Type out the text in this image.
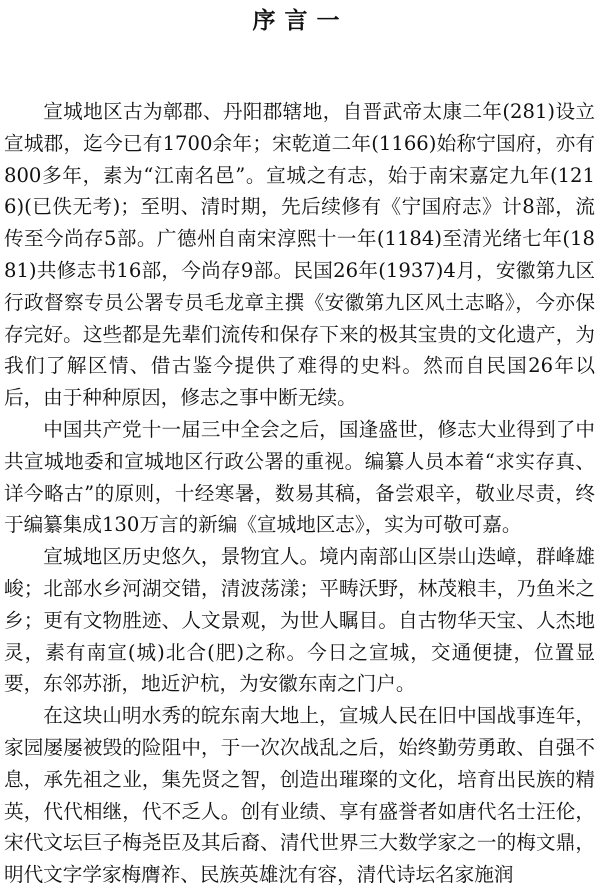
序言一

宣城地区古为鄣郡、丹阳郡辖地，自晋武帝太康二年(281)设立宣城郡，迄今已有1700余年；宋乾道二年(1166)始称宁国府，亦有800多年，素为“江南名邑”。宣城之有志，始于南宋嘉定九年(1216)(已佚无考)；至明、清时期，先后续修有《宁国府志》计8部，流传至今尚存5部。广德州自南宋淳熙十一年(1184)至清光绪七年(1881)共修志书16部，今尚存9部。民国26年(1937)4月，安徽第九区行政督察专员公署专员毛龙章主撰《安徽第九区风土志略》，今亦保存完好。这些都是先辈们流传和保存下来的极其宝贵的文化遗产，为我们了解区情、借古鉴今提供了难得的史料。然而自民国26年以后，由于种种原因，修志之事中断无续。

中国共产党十一届三中全会之后，国逢盛世，修志大业得到了中共宣城地委和宣城地区行政公署的重视。编纂人员本着“求实存真、详今略古”的原则，十经寒暑，数易其稿，备尝艰辛，敬业尽责，终于编纂集成130万言的新编《宣城地区志》，实为可敬可嘉。

宣城地区历史悠久，景物宜人。境内南部山区崇山迭嶂，群峰雄峻；北部水乡河湖交错，清波荡漾；平畴沃野，林茂粮丰，乃鱼米之乡；更有文物胜迹、人文景观，为世人瞩目。自古物华天宝、人杰地灵，素有南宣(城)北合(肥)之称。今日之宣城，交通便捷，位置显要，东邻苏浙，地近沪杭，为安徽东南之门户。

在这块山明水秀的皖东南大地上，宣城人民在旧中国战事连年，家园屡屡被毁的险阻中，于一次次战乱之后，始终勤劳勇敢、自强不息，承先祖之业，集先贤之智，创造出璀璨的文化，培育出民族的精英，代代相继，代不乏人。创有业绩、享有盛誉者如唐代名士汪伦，宋代文坛巨子梅尧臣及其后裔、清代世界三大数学家之一的梅文鼎，明代文字学家梅膺祚、民族英雄沈有容，清代诗坛名家施润
